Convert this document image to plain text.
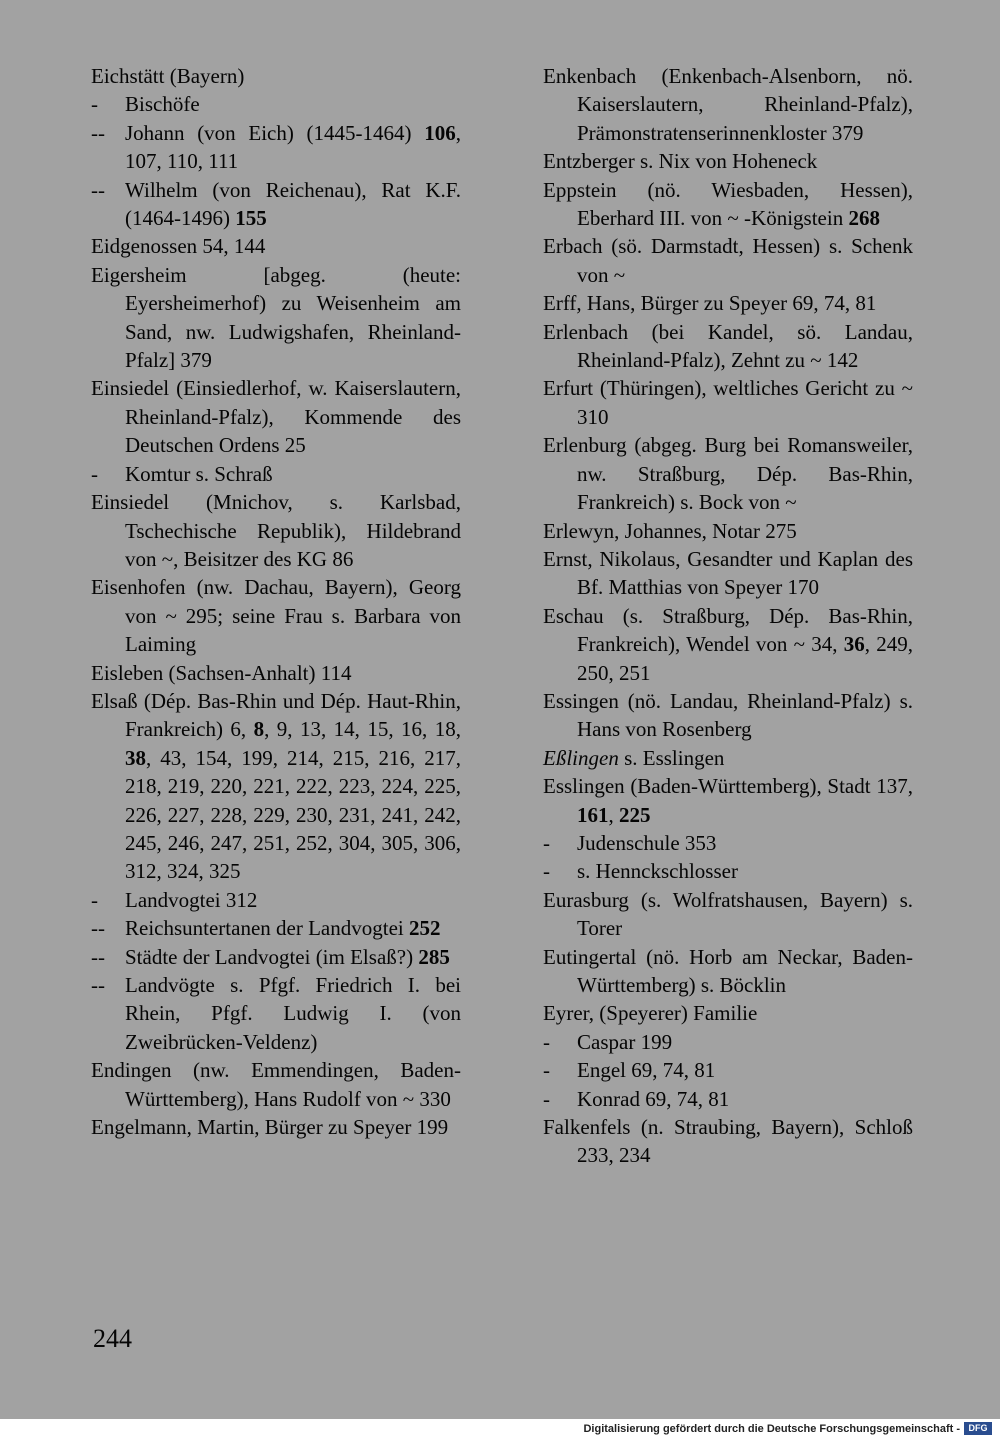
Eichstätt (Bayern)
-	Bischöfe
-- Johann (von Eich) (1445-1464) 106, 107, 110, 111
-- Wilhelm (von Reichenau), Rat K.F. (1464-1496) 155
Eidgenossen 54, 144
Eigersheim [abgeg. (heute: Eyersheimerhof) zu Weisenheim am Sand, nw. Ludwigshafen, Rheinland-Pfalz] 379
Einsiedel (Einsiedlerhof, w. Kaiserslautern, Rheinland-Pfalz), Kommende des Deutschen Ordens 25
-	Komtur s. Schraß
Einsiedel (Mnichov, s. Karlsbad, Tschechische Republik), Hildebrand von ~, Beisitzer des KG 86
Eisenhofen (nw. Dachau, Bayern), Georg von ~ 295; seine Frau s. Barbara von Laiming
Eisleben (Sachsen-Anhalt) 114
Elsaß (Dép. Bas-Rhin und Dép. Haut-Rhin, Frankreich) 6, 8, 9, 13, 14, 15, 16, 18, 38, 43, 154, 199, 214, 215, 216, 217, 218, 219, 220, 221, 222, 223, 224, 225, 226, 227, 228, 229, 230, 231, 241, 242, 245, 246, 247, 251, 252, 304, 305, 306, 312, 324, 325
-	Landvogtei 312
-- Reichsuntertanen der Landvogtei 252
-- Städte der Landvogtei (im Elsaß?) 285
-- Landvögte s. Pfgf. Friedrich I. bei Rhein, Pfgf. Ludwig I. (von Zweibrücken-Veldenz)
Endingen (nw. Emmendingen, Baden-Württemberg), Hans Rudolf von ~ 330
Engelmann, Martin, Bürger zu Speyer 199
Enkenbach (Enkenbach-Alsenborn, nö. Kaiserslautern, Rheinland-Pfalz), Prämonstratenserinnenkloster 379
Entzberger s. Nix von Hoheneck
Eppstein (nö. Wiesbaden, Hessen), Eberhard III. von ~ -Königstein 268
Erbach (sö. Darmstadt, Hessen) s. Schenk von ~
Erff, Hans, Bürger zu Speyer 69, 74, 81
Erlenbach (bei Kandel, sö. Landau, Rheinland-Pfalz), Zehnt zu ~ 142
Erfurt (Thüringen), weltliches Gericht zu ~ 310
Erlenburg (abgeg. Burg bei Romansweiler, nw. Straßburg, Dép. Bas-Rhin, Frankreich) s. Bock von ~
Erlewyn, Johannes, Notar 275
Ernst, Nikolaus, Gesandter und Kaplan des Bf. Matthias von Speyer 170
Eschau (s. Straßburg, Dép. Bas-Rhin, Frankreich), Wendel von ~ 34, 36, 249, 250, 251
Essingen (nö. Landau, Rheinland-Pfalz) s. Hans von Rosenberg
Eßlingen s. Esslingen
Esslingen (Baden-Württemberg), Stadt 137, 161, 225
-	Judenschule 353
-	s. Hennckschlosser
Eurasburg (s. Wolfratshausen, Bayern) s. Torer
Eutingertal (nö. Horb am Neckar, Baden-Württemberg) s. Böcklin
Eyrer, (Speyerer) Familie
-	Caspar 199
-	Engel 69, 74, 81
-	Konrad 69, 74, 81
Falkenfels (n. Straubing, Bayern), Schloß 233, 234
244
Digitalisierung gefördert durch die Deutsche Forschungsgemeinschaft - DFG
